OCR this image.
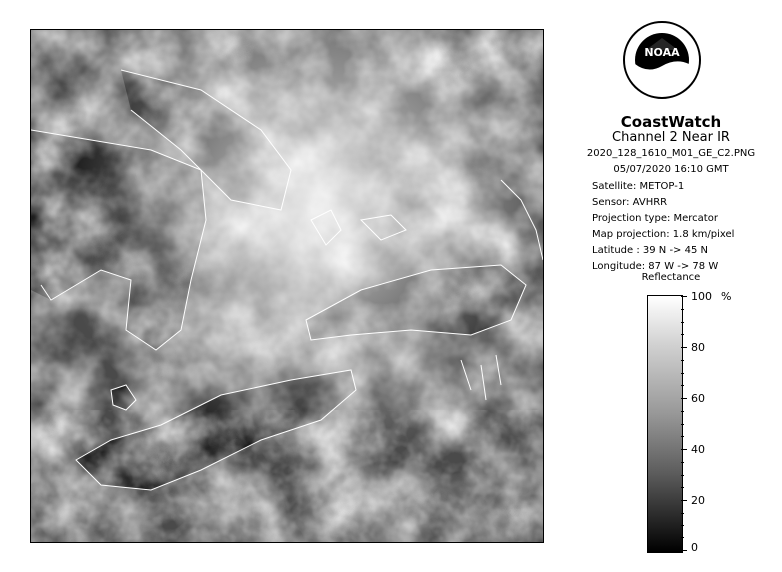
NOAA
CoastWatch
Channel 2 Near IR
2020_128_1610_M01_GE_C2.PNG
05/07/2020 16:10 GMT
Satellite: METOP-1
Sensor: AVHRR
Projection type: Mercator
Map projection: 1.8 km/pixel
Latitude : 39 N -> 45 N
Longitude: 87 W -> 78 W
Reflectance
%
100
80
60
40
20
0
